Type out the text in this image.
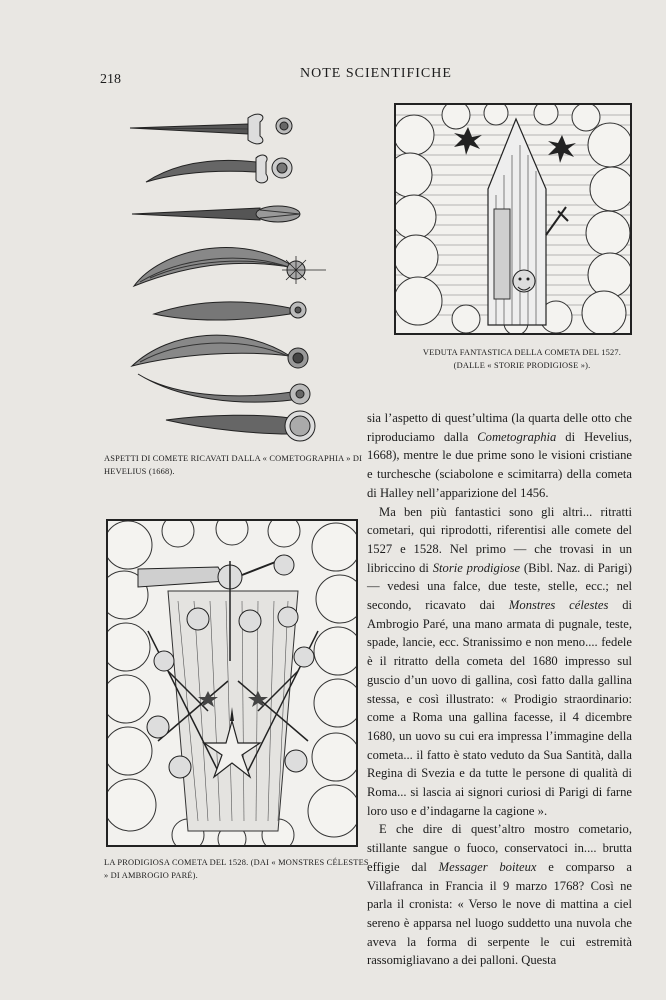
218	NOTE SCIENTIFICHE
ASPETTI DI COMETE RICAVATI DALLA « COMETOGRAPHIA » DI HEVELIUS (1668).
VEDUTA FANTASTICA DELLA COMETA DEL 1527.
(DALLE « STORIE PRODIGIOSE »).
LA PRODIGIOSA COMETA DEL 1528. (DAI « MONSTRES CÉLESTES » DI AMBROGIO PARÉ).

sia l’aspetto di quest’ultima (la quarta delle otto che riproduciamo dalla Cometographia di Hevelius, 1668), mentre le due prime sono le visioni cristiane e turchesche (sciabolone e scimitarra) della cometa di Halley nell’apparizione del 1456.

Ma ben più fantastici sono gli altri... ritratti cometari, qui riprodotti, riferentisi alle comete del 1527 e 1528. Nel primo — che trovasi in un libriccino di Storie prodigiose (Bibl. Naz. di Parigi) — vedesi una falce, due teste, stelle, ecc.; nel secondo, ricavato dai Monstres célestes di Ambrogio Paré, una mano armata di pugnale, teste, spade, lancie, ecc. Stranissimo e non meno.... fedele è il ritratto della cometa del 1680 impresso sul guscio d’un uovo di gallina, così fatto dalla gallina stessa, e così illustrato: « Prodigio straordinario: come a Roma una gallina facesse, il 4 dicembre 1680, un uovo su cui era impressa l’immagine della cometa... il fatto è stato veduto da Sua Santità, dalla Regina di Svezia e da tutte le persone di qualità di Roma... si lascia ai signori curiosi di Parigi di farne loro uso e d’indagarne la cagione ».

E che dire di quest’altro mostro cometario, stillante sangue o fuoco, conservatoci in.... brutta effigie dal Messager boiteux e comparso a Villafranca in Francia il 9 marzo 1768? Così ne parla il cronista: « Verso le nove di mattina a ciel sereno è apparsa nel luogo suddetto una nuvola che aveva la forma di serpente le cui estremità rassomigliavano a dei palloni. Questa
